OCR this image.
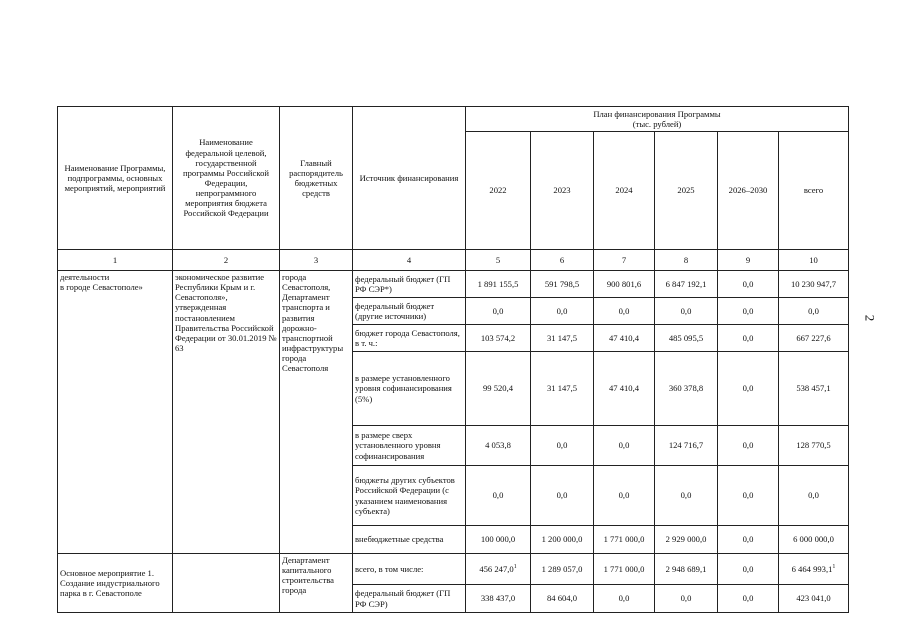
Наименование Программы, подпрограммы, основных мероприятий, мероприятий	Наименование федеральной целевой, государственной программы Российской Федерации, непрограммного мероприятия бюджета Российской Федерации	Главный распорядитель бюджетных средств	Источник финансирования	План финансирования Программы
(тыс. рублей)					
				2022	2023	2024	2025	2026–2030	всего
1	2	3	4	5	6	7	8	9	10
деятельности
в городе Севастополе»	экономическое развитие Республики Крым и г. Севастополя», утвержденная постановлением Правительства Российской Федерации от 30.01.2019 № 63	города Севастополя, Департамент транспорта и развития дорожно-транспортной инфраструктуры города Севастополя	федеральный бюджет (ГП РФ СЭР*)	1 891 155,5	591 798,5	900 801,6	6 847 192,1	0,0	10 230 947,7
			федеральный бюджет (другие источники)	0,0	0,0	0,0	0,0	0,0	0,0
			бюджет города Севастополя, в т. ч.:	103 574,2	31 147,5	47 410,4	485 095,5	0,0	667 227,6
			в размере установленного уровня софинансирования (5%)	99 520,4	31 147,5	47 410,4	360 378,8	0,0	538 457,1
			в размере сверх установленного уровня софинансирования	4 053,8	0,0	0,0	124 716,7	0,0	128 770,5
			бюджеты других субъектов Российской Федерации (с указанием наименования субъекта)	0,0	0,0	0,0	0,0	0,0	0,0
			внебюджетные средства	100 000,0	1 200 000,0	1 771 000,0	2 929 000,0	0,0	6 000 000,0
Основное мероприятие 1. Создание индустриального парка в г. Севастополе		Департамент капитального строительства города	всего, в том числе:	456 247,0$^1$	1 289 057,0	1 771 000,0	2 948 689,1	0,0	6 464 993,1$^1$
			федеральный бюджет (ГП РФ СЭР)	338 437,0	84 604,0	0,0	0,0	0,0	423 041,0
2
